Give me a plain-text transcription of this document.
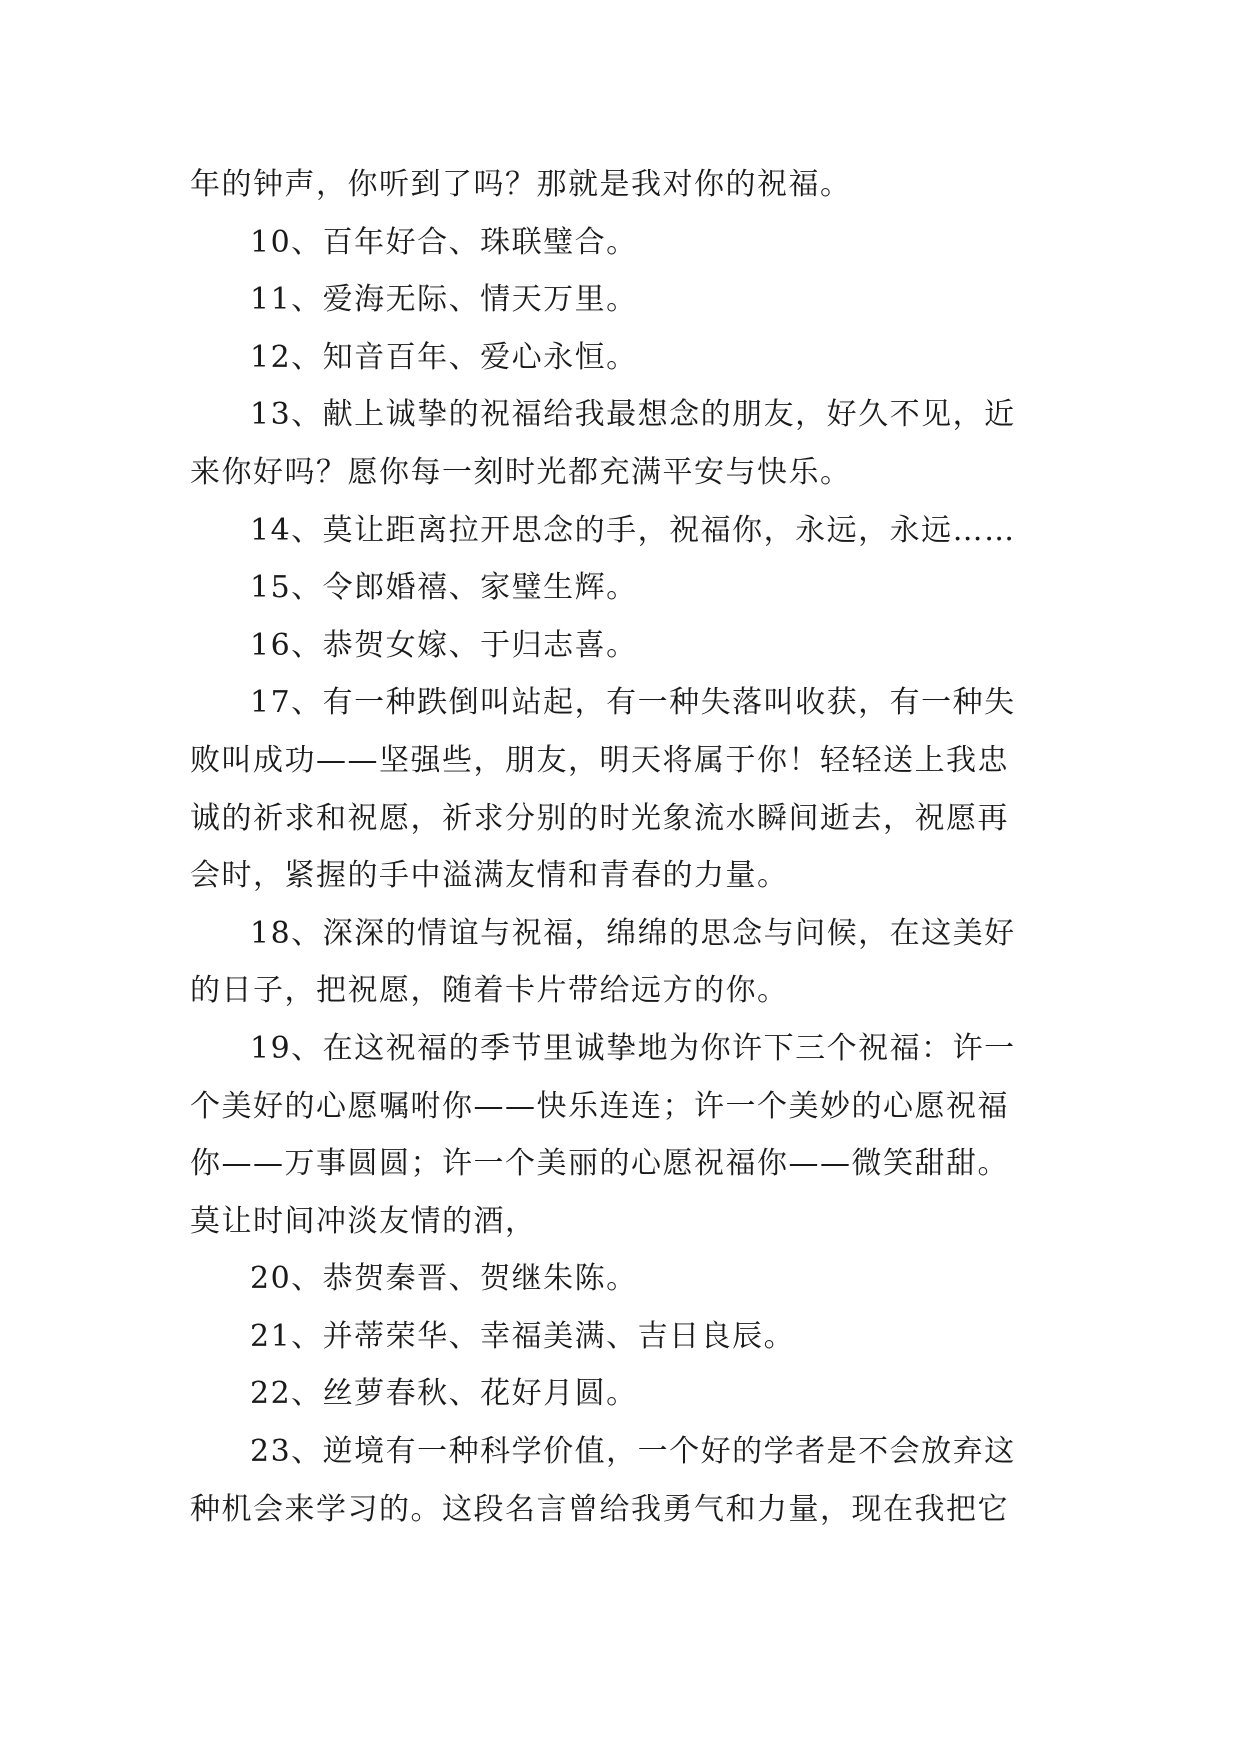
年的钟声，你听到了吗？那就是我对你的祝福。
10、百年好合、珠联璧合。
11、爱海无际、情天万里。
12、知音百年、爱心永恒。
13、献上诚挚的祝福给我最想念的朋友，好久不见，近
来你好吗？愿你每一刻时光都充满平安与快乐。
14、莫让距离拉开思念的手，祝福你，永远，永远……
15、令郎婚禧、家璧生辉。
16、恭贺女嫁、于归志喜。
17、有一种跌倒叫站起，有一种失落叫收获，有一种失
败叫成功——坚强些，朋友，明天将属于你！轻轻送上我忠
诚的祈求和祝愿，祈求分别的时光象流水瞬间逝去，祝愿再
会时，紧握的手中溢满友情和青春的力量。
18、深深的情谊与祝福，绵绵的思念与问候，在这美好
的日子，把祝愿，随着卡片带给远方的你。
19、在这祝福的季节里诚挚地为你许下三个祝福：许一
个美好的心愿嘱咐你——快乐连连；许一个美妙的心愿祝福
你——万事圆圆；许一个美丽的心愿祝福你——微笑甜甜。
莫让时间冲淡友情的酒，
20、恭贺秦晋、贺继朱陈。
21、并蒂荣华、幸福美满、吉日良辰。
22、丝萝春秋、花好月圆。
23、逆境有一种科学价值，一个好的学者是不会放弃这
种机会来学习的。这段名言曾给我勇气和力量，现在我把它
